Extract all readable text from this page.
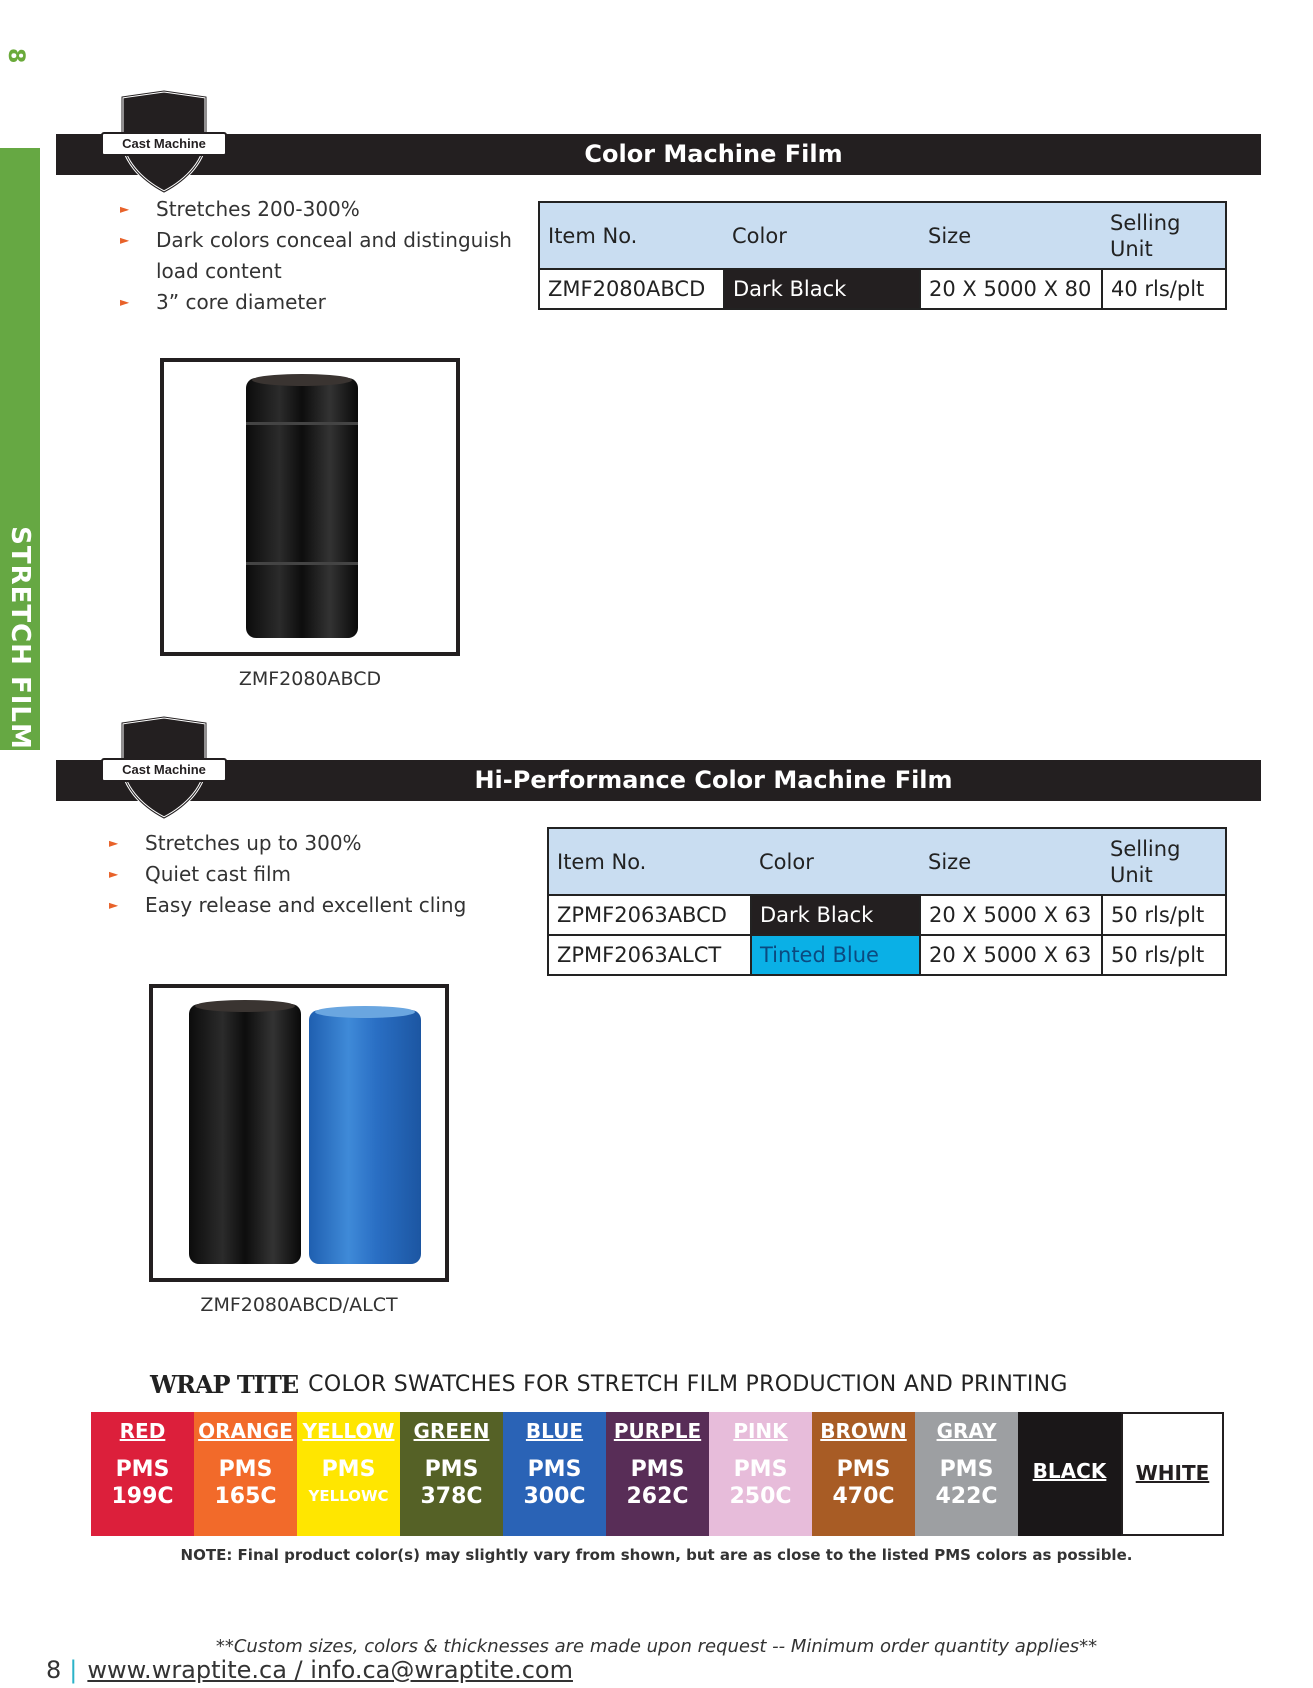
8
STRETCH FILM
Color Machine Film
Cast Machine
► Stretches 200-300%
► Dark colors conceal and distinguish load content
► 3” core diameter
Item No.	Color	Size	Selling Unit
ZMF2080ABCD	Dark Black	20 X 5000 X 80	40 rls/plt
ZMF2080ABCD
Hi-Performance Color Machine Film
Cast Machine
► Stretches up to 300%
► Quiet cast film
► Easy release and excellent cling
Item No.	Color	Size	Selling Unit
ZPMF2063ABCD	Dark Black	20 X 5000 X 63	50 rls/plt
ZPMF2063ALCT	Tinted Blue	20 X 5000 X 63	50 rls/plt
ZMF2080ABCD/ALCT
WRAP TITE COLOR SWATCHES FOR STRETCH FILM PRODUCTION AND PRINTING
RED
PMS
199C
ORANGE
PMS
165C
YELLOW
PMS
YELLOWC
GREEN
PMS
378C
BLUE
PMS
300C
PURPLE
PMS
262C
PINK
PMS
250C
BROWN
PMS
470C
GRAY
PMS
422C
BLACK	WHITE
NOTE: Final product color(s) may slightly vary from shown, but are as close to the listed PMS colors as possible.
**Custom sizes, colors & thicknesses are made upon request -- Minimum order quantity applies**
8 | www.wraptite.ca / info.ca@wraptite.com
